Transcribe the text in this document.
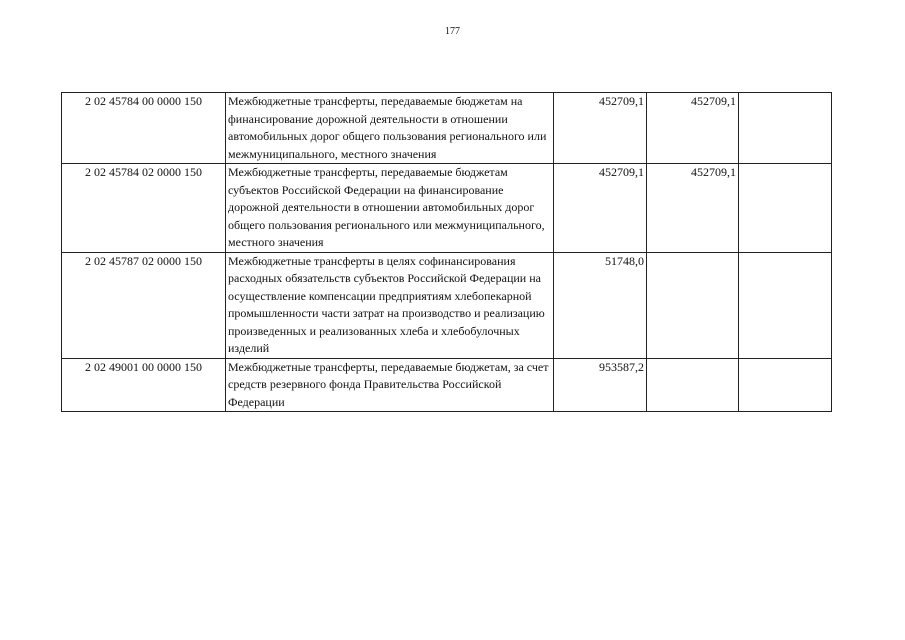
177
2 02 45784 00 0000 150	Межбюджетные трансферты, передаваемые бюджетам на финансирование дорожной деятельности в отношении автомобильных дорог общего пользования регионального или межмуниципального, местного значения	452709,1	452709,1	
2 02 45784 02 0000 150	Межбюджетные трансферты, передаваемые бюджетам субъектов Российской Федерации на финансирование дорожной деятельности в отношении автомобильных дорог общего пользования регионального или межмуниципального, местного значения	452709,1	452709,1	
2 02 45787 02 0000 150	Межбюджетные трансферты в целях софинансирования расходных обязательств субъектов Российской Федерации на осуществление компенсации предприятиям хлебопекарной промышленности части затрат на производство и реализацию произведенных и реализованных хлеба и хлебобулочных изделий	51748,0		
2 02 49001 00 0000 150	Межбюджетные трансферты, передаваемые бюджетам, за счет средств резервного фонда Правительства Российской Федерации	953587,2		
